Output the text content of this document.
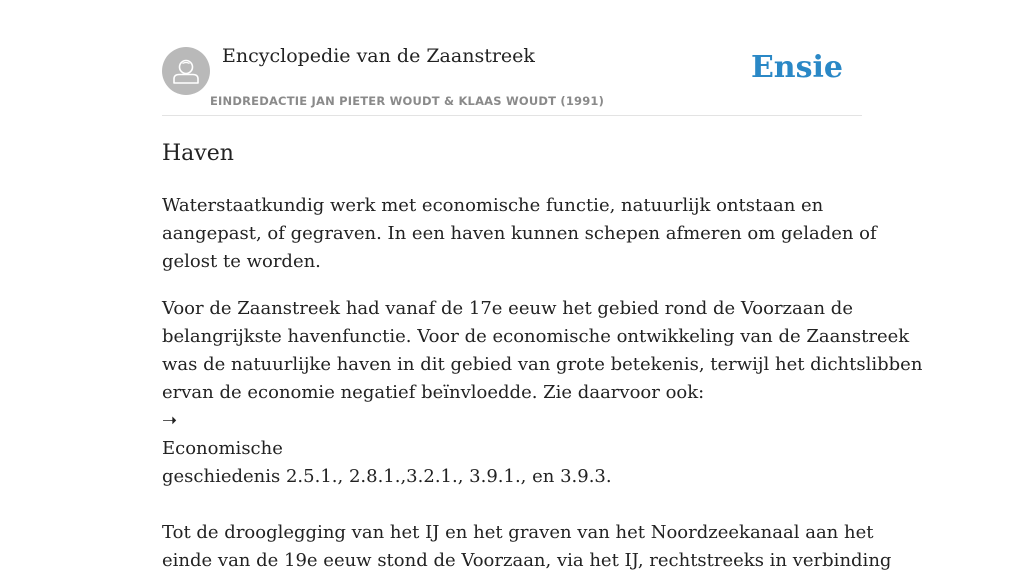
Encyclopedie van de Zaanstreek
EINDREDACTIE JAN PIETER WOUDT & KLAAS WOUDT (1991)
Ensie
Haven

Waterstaatkundig werk met economische functie, natuurlijk ontstaan en
aangepast, of gegraven. In een haven kunnen schepen afmeren om geladen of
gelost te worden.

Voor de Zaanstreek had vanaf de 17e eeuw het gebied rond de Voorzaan de
belangrijkste havenfunctie. Voor de economische ontwikkeling van de Zaanstreek
was de natuurlijke haven in dit gebied van grote betekenis, terwijl het dichtslibben
ervan de economie negatief beïnvloedde. Zie daarvoor ook:
➝
Economische
geschiedenis 2.5.1., 2.8.1.,3.2.1., 3.9.1., en 3.9.3.

Tot de drooglegging van het IJ en het graven van het Noordzeekanaal aan het
einde van de 19e eeuw stond de Voorzaan, via het IJ, rechtstreeks in verbinding
